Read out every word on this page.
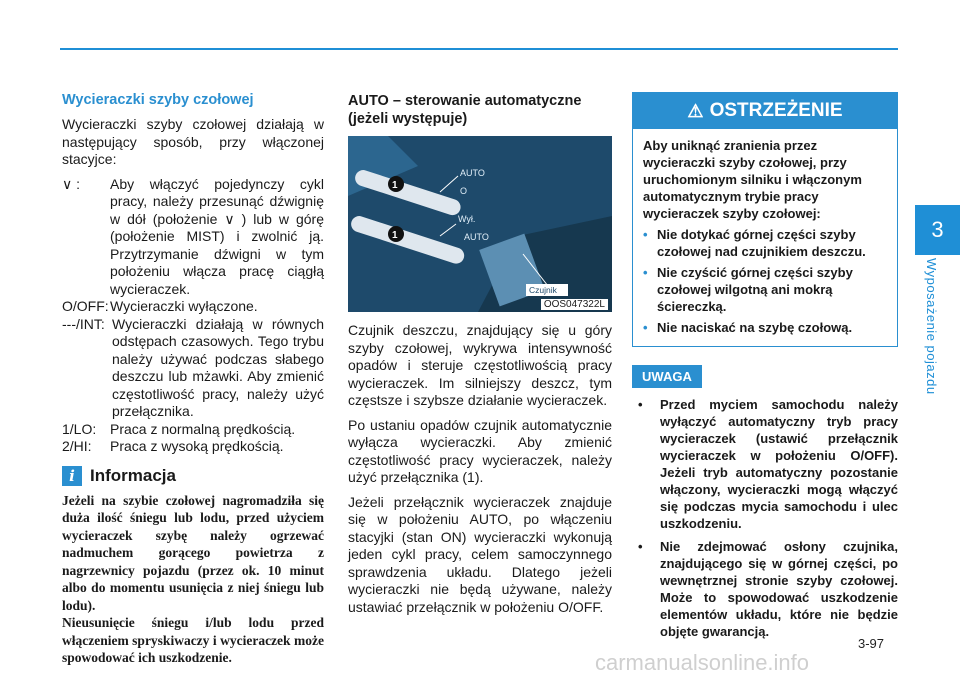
Wycieraczki szyby czołowej

Wycieraczki szyby czołowej działają w następujący sposób, przy włączonej stacyjce:

∨ :	Aby włączyć pojedynczy cykl pracy, należy przesunąć dźwignię w dół (położenie ∨ ) lub w górę (położenie MIST) i zwolnić ją. Przytrzymanie dźwigni w tym położeniu włącza pracę ciągłą wycieraczek.
O/OFF: Wycieraczki wyłączone.
---/INT: Wycieraczki działają w równych odstępach czasowych. Tego trybu należy używać podczas słabego deszczu lub mżawki. Aby zmienić częstotliwość pracy, należy użyć przełącznika.
1/LO: Praca z normalną prędkością.
2/HI:	Praca z wysoką prędkością.
i Informacja

Jeżeli na szybie czołowej nagromadziła się duża ilość śniegu lub lodu, przed użyciem wycieraczek szybę należy ogrzewać nadmuchem gorącego powietrza z nagrzewnicy pojazdu (przez ok. 10 minut albo do momentu usunięcia z niej śniegu lub lodu).

Nieusunięcie śniegu i/lub lodu przed włączeniem spryskiwaczy i wycieraczek może spowodować ich uszkodzenie.

AUTO – sterowanie automatyczne (jeżeli występuje)
AUTO
O
Wył.
AUTO
1
1
Czujnik
OOS047322L

Czujnik deszczu, znajdujący się u góry szyby czołowej, wykrywa intensywność opadów i steruje częstotliwością pracy wycieraczek. Im silniejszy deszcz, tym częstsze i szybsze działanie wycieraczek.

Po ustaniu opadów czujnik automatycznie wyłącza wycieraczki. Aby zmienić częstotliwość pracy wycieraczek, należy użyć przełącznika (1).

Jeżeli przełącznik wycieraczek znajduje się w położeniu AUTO, po włączeniu stacyjki (stan ON) wycieraczki wykonują jeden cykl pracy, celem samoczynnego sprawdzenia układu. Dlatego jeżeli wycieraczki nie będą używane, należy ustawiać przełącznik w położeniu O/OFF.

⚠ OSTRZEŻENIE
Aby uniknąć zranienia przez wycieraczki szyby czołowej, przy uruchomionym silniku i włączonym automatycznym trybie pracy wycieraczek szyby czołowej:
• Nie dotykać górnej części szyby czołowej nad czujnikiem deszczu.
• Nie czyścić górnej części szyby czołowej wilgotną ani mokrą ściereczką.
• Nie naciskać na szybę czołową.
UWAGA
•	Przed myciem samochodu należy wyłączyć automatyczny tryb pracy wycieraczek (ustawić przełącznik wycieraczek w położeniu O/OFF). Jeżeli tryb automatyczny pozostanie włączony, wycieraczki mogą włączyć się podczas mycia samochodu i ulec uszkodzeniu.
•	Nie zdejmować osłony czujnika, znajdującego się w górnej części, po wewnętrznej stronie szyby czołowej. Może to spowodować uszkodzenie elementów układu, które nie będzie objęte gwarancją.
3
Wyposażenie pojazdu
3-97
carmanualsonline.info
